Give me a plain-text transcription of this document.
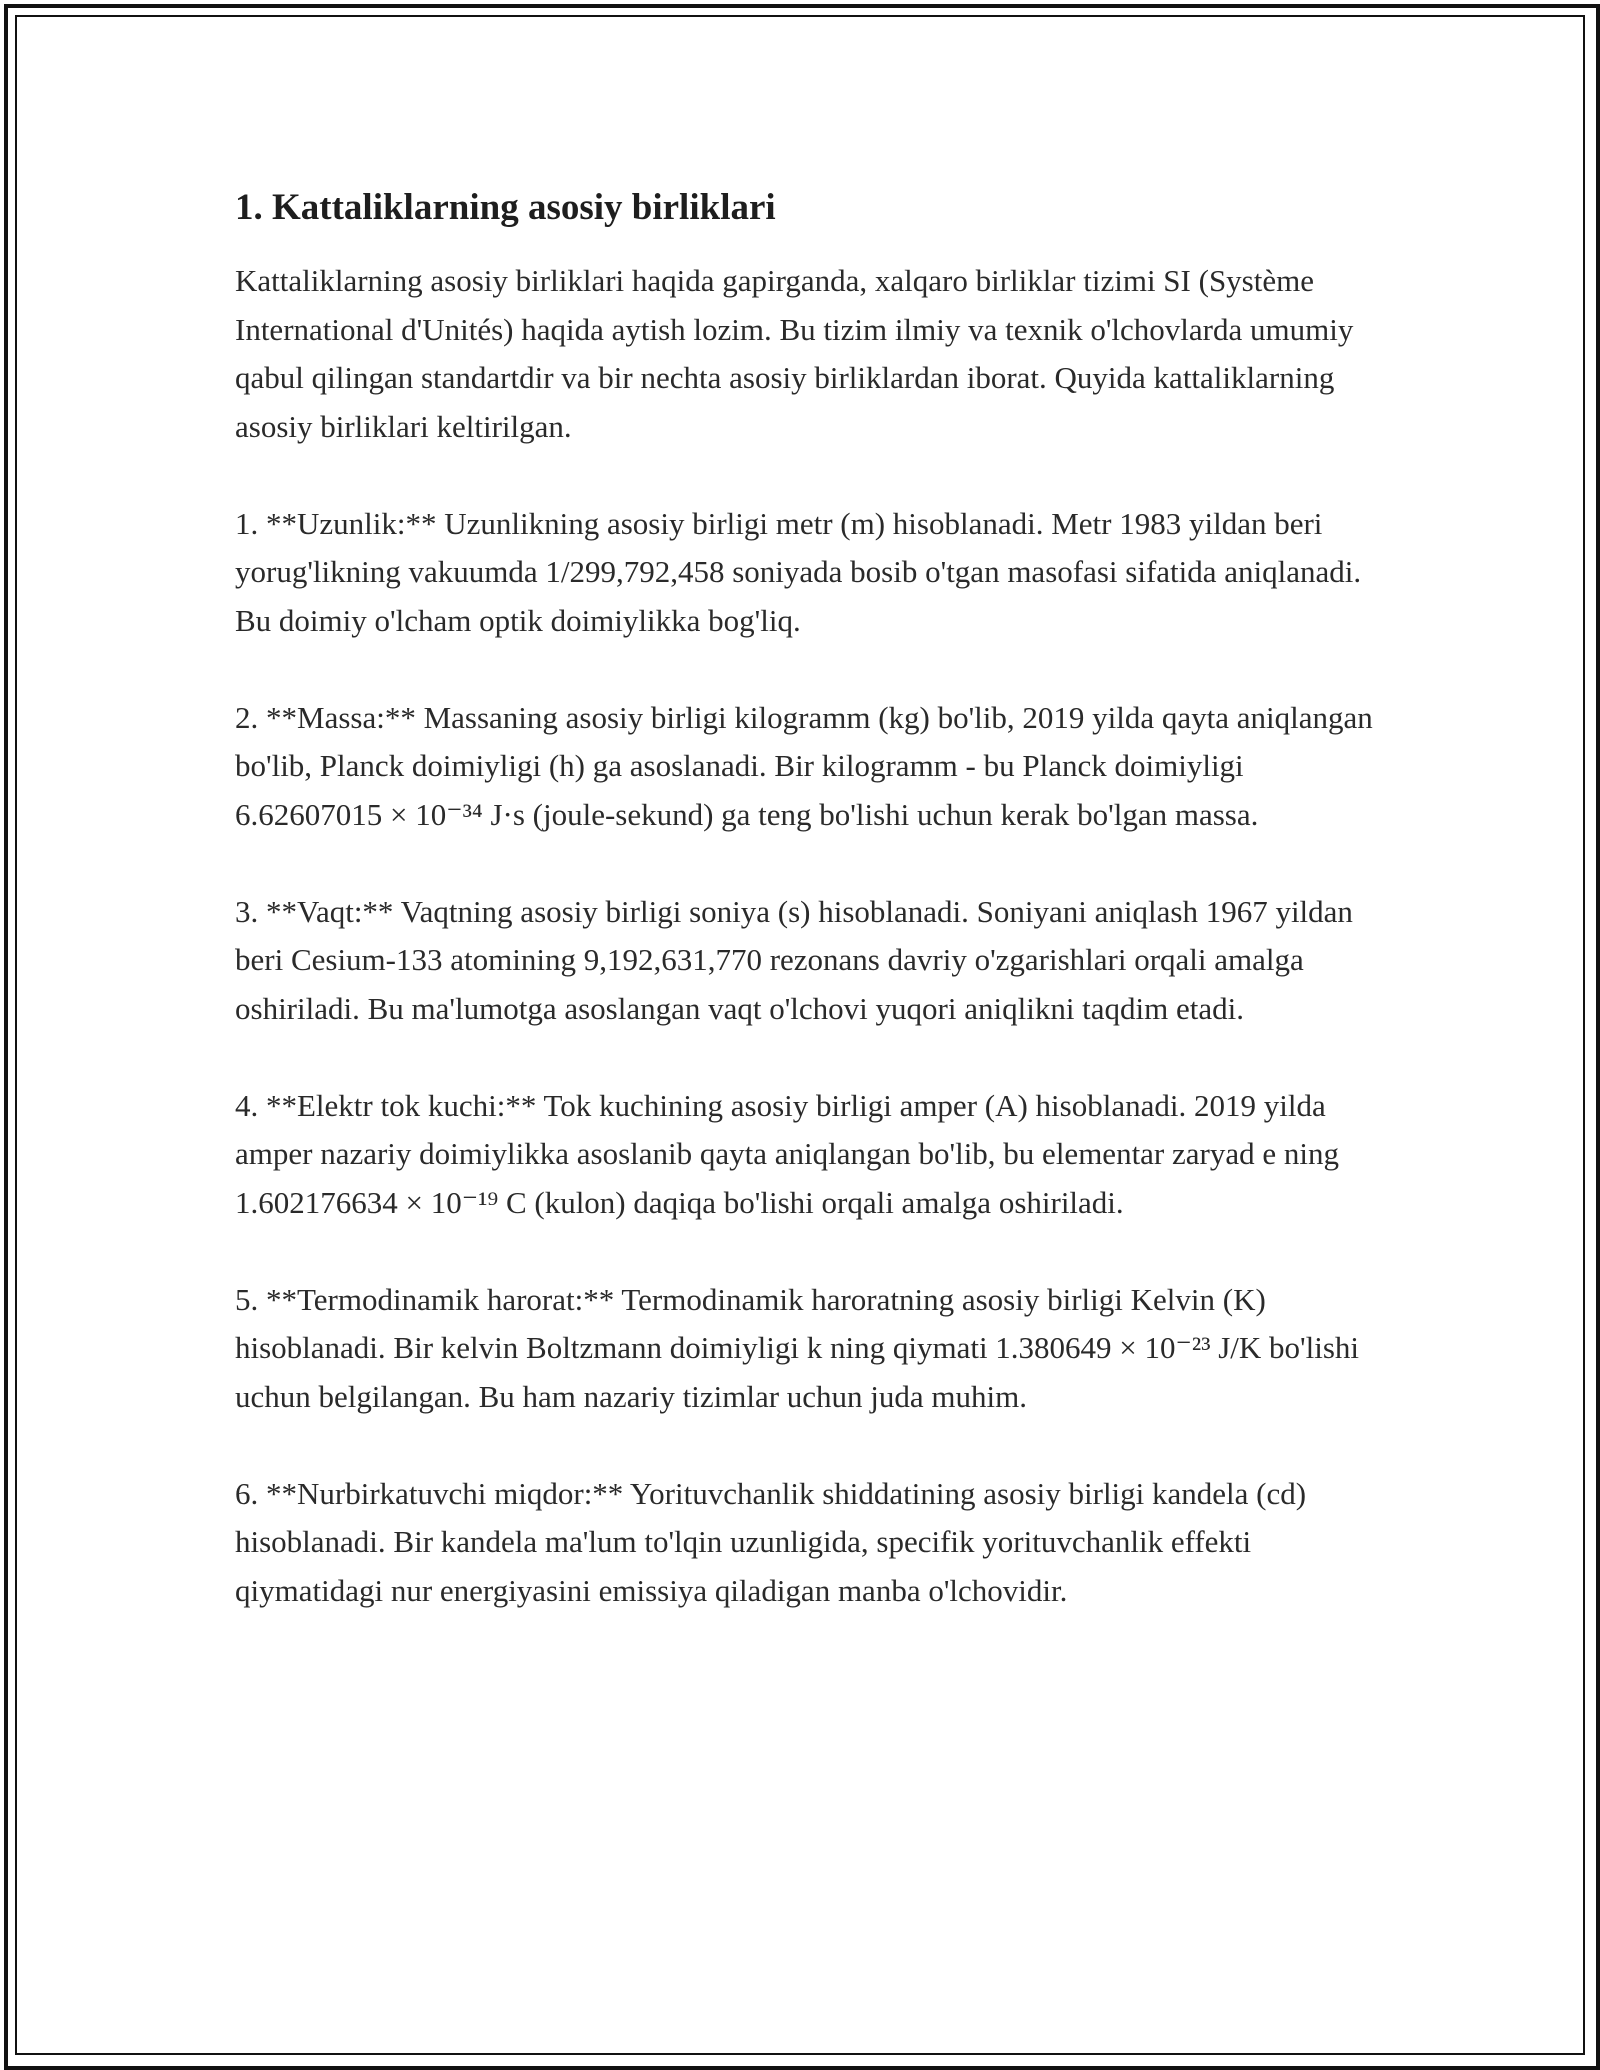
1. Kattaliklarning asosiy birliklari

Kattaliklarning asosiy birliklari haqida gapirganda, xalqaro birliklar tizimi SI (Système International d'Unités) haqida aytish lozim. Bu tizim ilmiy va texnik o'lchovlarda umumiy qabul qilingan standartdir va bir nechta asosiy birliklardan iborat. Quyida kattaliklarning asosiy birliklari keltirilgan.

1. **Uzunlik:** Uzunlikning asosiy birligi metr (m) hisoblanadi. Metr 1983 yildan beri yorug'likning vakuumda 1/299,792,458 soniyada bosib o'tgan masofasi sifatida aniqlanadi. Bu doimiy o'lcham optik doimiylikka bog'liq.

2. **Massa:** Massaning asosiy birligi kilogramm (kg) bo'lib, 2019 yilda qayta aniqlangan bo'lib, Planck doimiyligi (h) ga asoslanadi. Bir kilogramm - bu Planck doimiyligi 6.62607015 × 10⁻³⁴ J·s (joule-sekund) ga teng bo'lishi uchun kerak bo'lgan massa.

3. **Vaqt:** Vaqtning asosiy birligi soniya (s) hisoblanadi. Soniyani aniqlash 1967 yildan beri Cesium-133 atomining 9,192,631,770 rezonans davriy o'zgarishlari orqali amalga oshiriladi. Bu ma'lumotga asoslangan vaqt o'lchovi yuqori aniqlikni taqdim etadi.

4. **Elektr tok kuchi:** Tok kuchining asosiy birligi amper (A) hisoblanadi. 2019 yilda amper nazariy doimiylikka asoslanib qayta aniqlangan bo'lib, bu elementar zaryad e ning 1.602176634 × 10⁻¹⁹ C (kulon) daqiqa bo'lishi orqali amalga oshiriladi.

5. **Termodinamik harorat:** Termodinamik haroratning asosiy birligi Kelvin (K) hisoblanadi. Bir kelvin Boltzmann doimiyligi k ning qiymati 1.380649 × 10⁻²³ J/K bo'lishi uchun belgilangan. Bu ham nazariy tizimlar uchun juda muhim.

6. **Nurbirkatuvchi miqdor:** Yorituvchanlik shiddatining asosiy birligi kandela (cd) hisoblanadi. Bir kandela ma'lum to'lqin uzunligida, specifik yorituvchanlik effekti qiymatidagi nur energiyasini emissiya qiladigan manba o'lchovidir.
